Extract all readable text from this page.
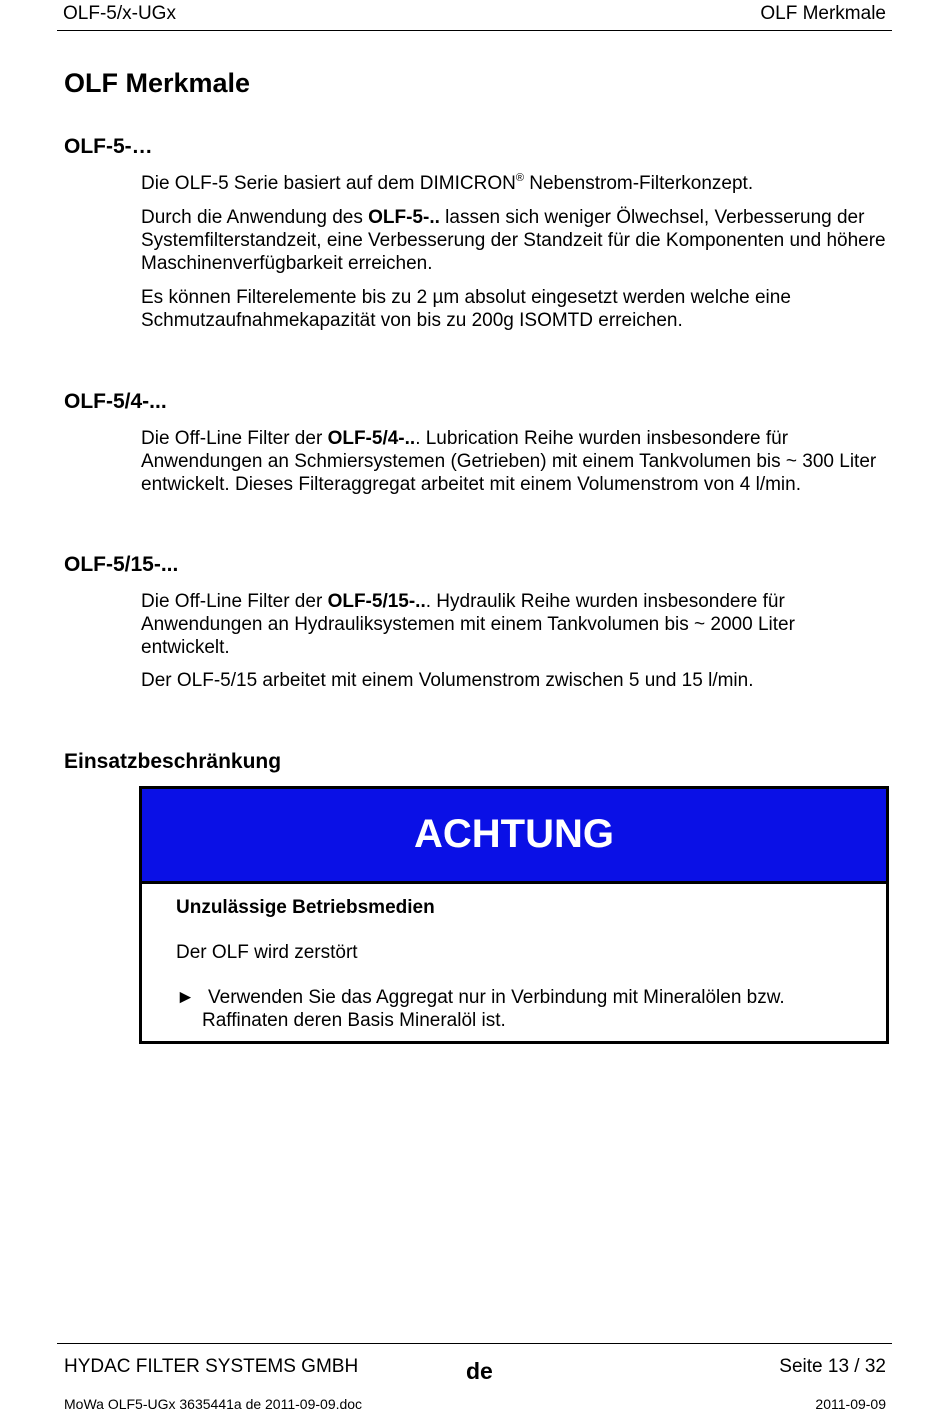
OLF-5/x-UGx	OLF Merkmale
OLF Merkmale
OLF-5-…

Die OLF-5 Serie basiert auf dem DIMICRON® Nebenstrom-Filterkonzept.

Durch die Anwendung des OLF-5-.. lassen sich weniger Ölwechsel, Verbesserung der Systemfilterstandzeit, eine Verbesserung der Standzeit für die Komponenten und höhere Maschinenverfügbarkeit erreichen.

Es können Filterelemente bis zu 2 µm absolut eingesetzt werden welche eine Schmutzaufnahmekapazität von bis zu 200g ISOMTD erreichen.

OLF-5/4-...

Die Off-Line Filter der OLF-5/4-... Lubrication Reihe wurden insbesondere für Anwendungen an Schmiersystemen (Getrieben) mit einem Tankvolumen bis ~ 300 Liter entwickelt. Dieses Filteraggregat arbeitet mit einem Volumenstrom von 4 l/min.

OLF-5/15-...

Die Off-Line Filter der OLF-5/15-... Hydraulik Reihe wurden insbesondere für Anwendungen an Hydrauliksystemen mit einem Tankvolumen bis ~ 2000 Liter entwickelt.

Der OLF-5/15 arbeitet mit einem Volumenstrom zwischen 5 und 15 l/min.

Einsatzbeschränkung
ACHTUNG
Unzulässige Betriebsmedien
Der OLF wird zerstört
► Verwenden Sie das Aggregat nur in Verbindung mit Mineralölen bzw.
Raffinaten deren Basis Mineralöl ist.
HYDAC FILTER SYSTEMS GMBH	de	Seite 13 / 32
MoWa OLF5-UGx 3635441a de 2011-09-09.doc	2011-09-09
